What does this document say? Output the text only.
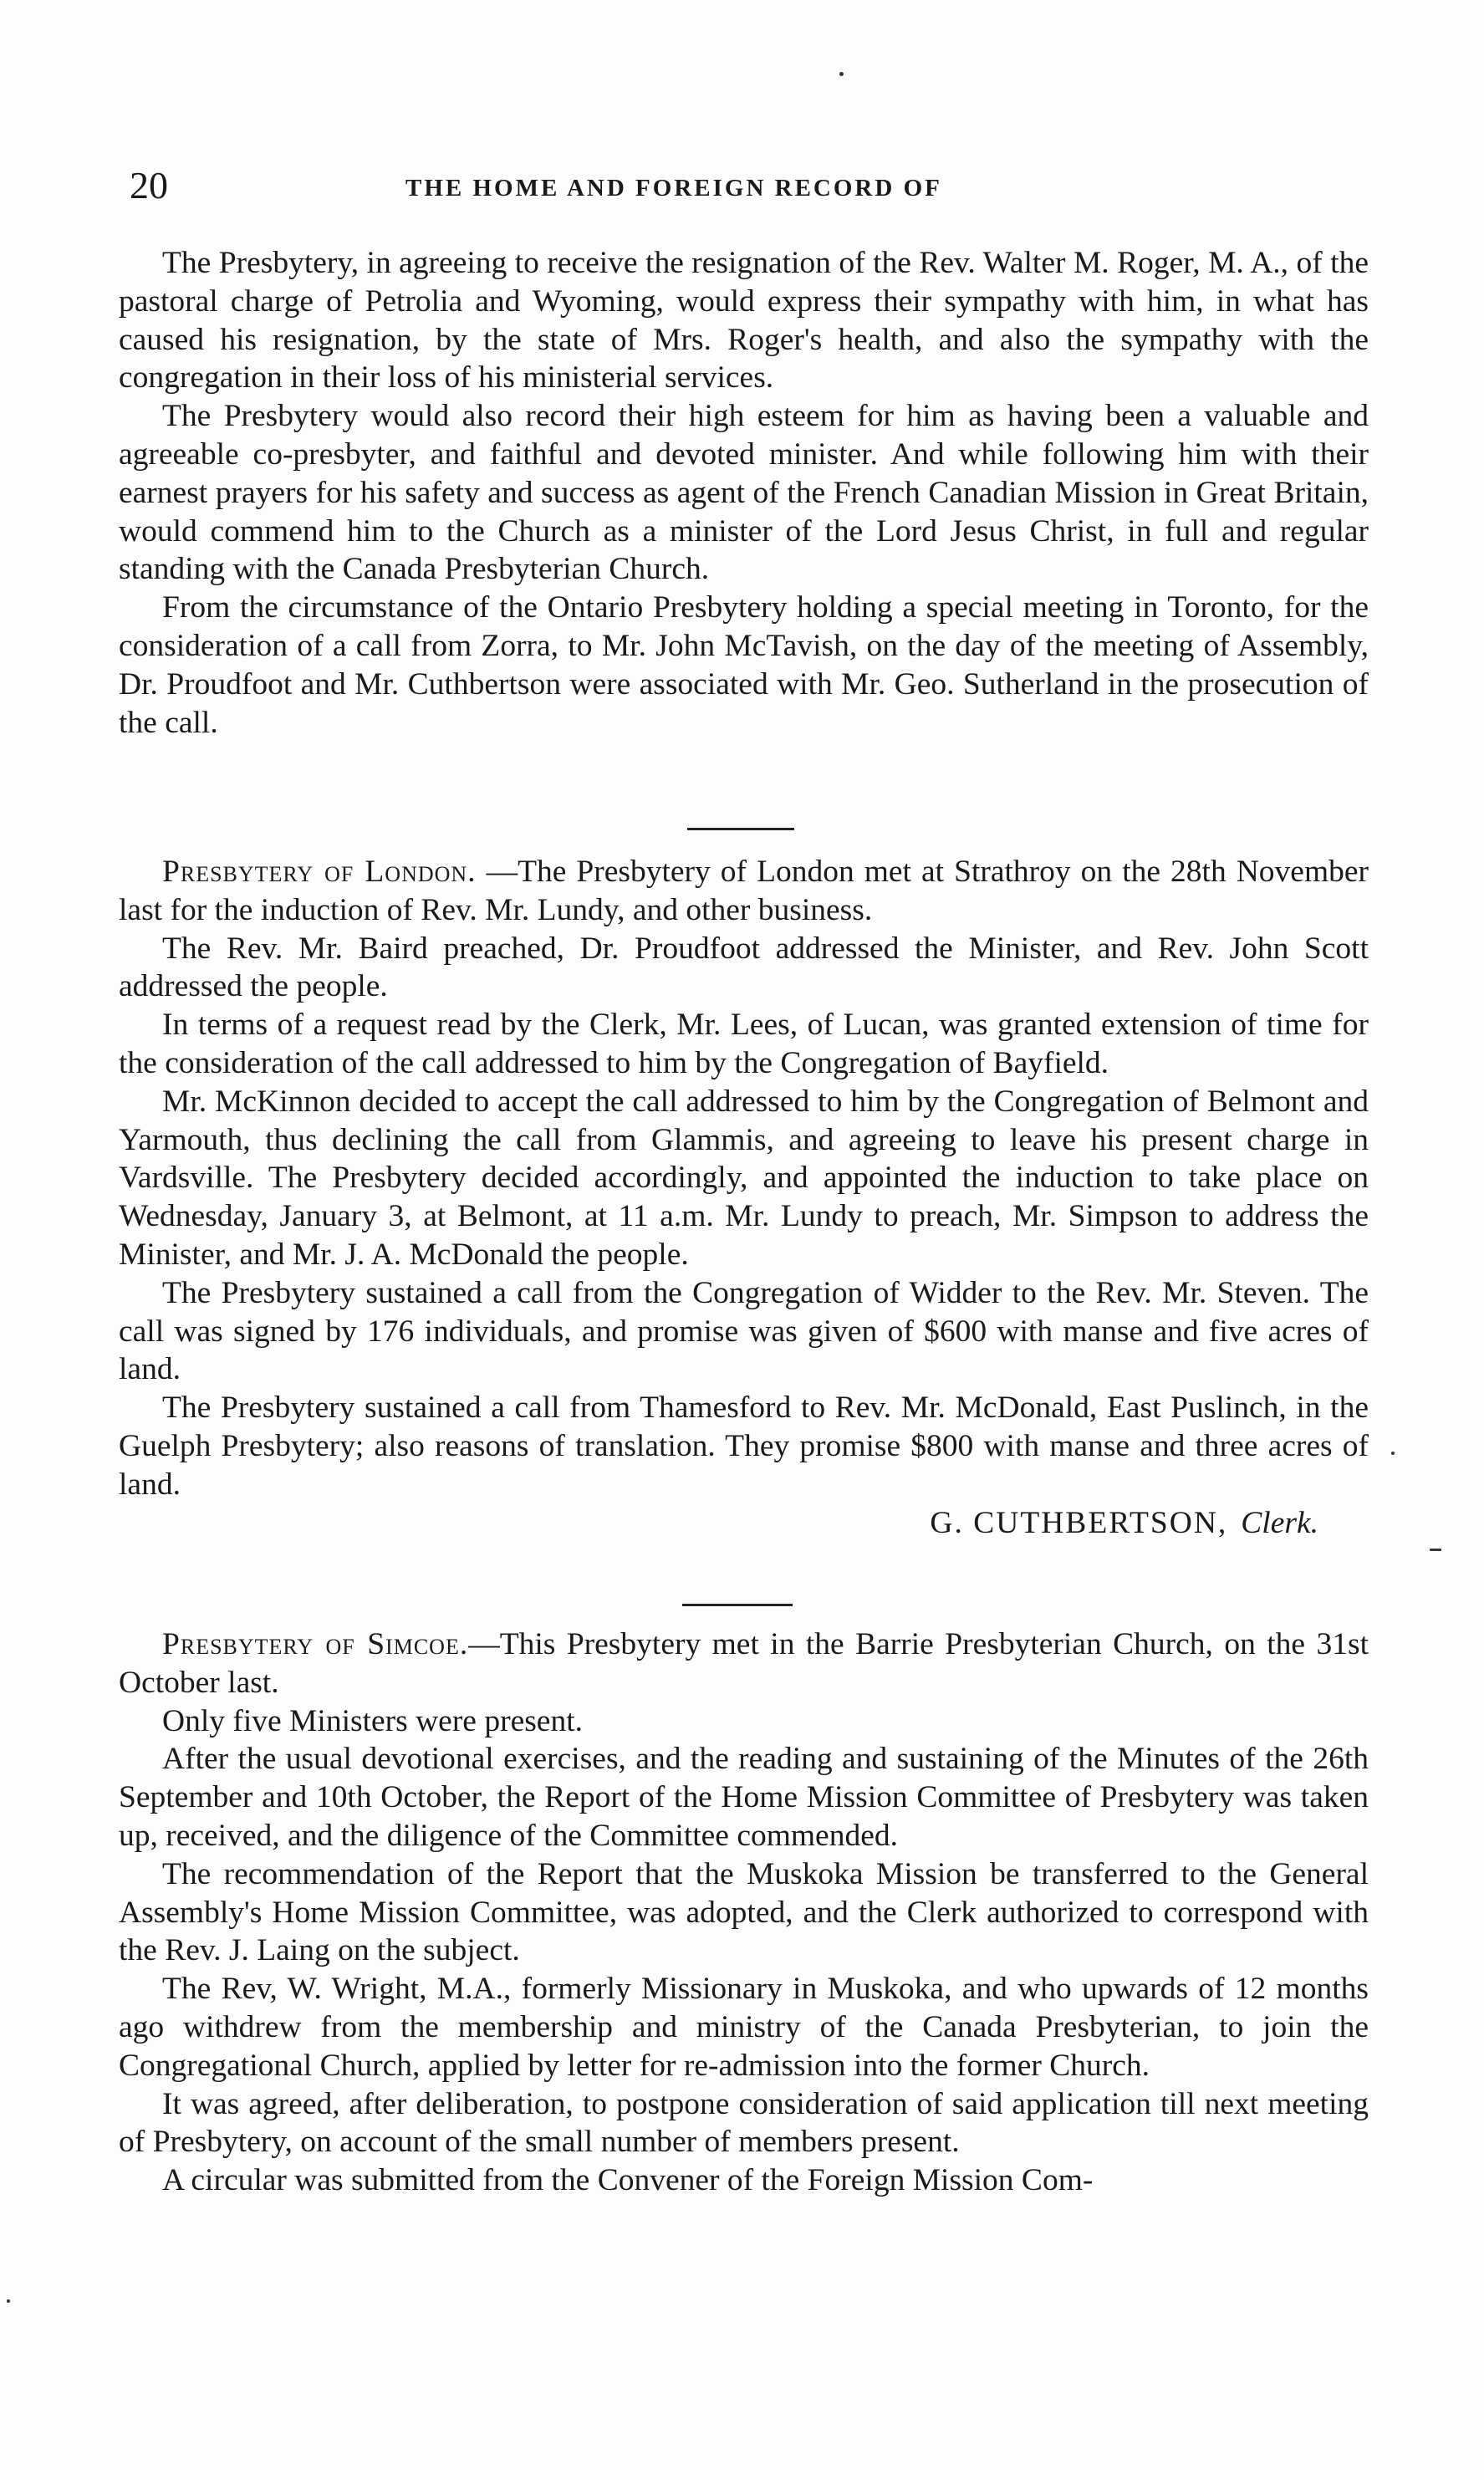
20	THE HOME AND FOREIGN RECORD OF

The Presbytery, in agreeing to receive the resignation of the Rev. Walter M. Roger, M. A., of the pastoral charge of Petrolia and Wyoming, would express their sympathy with him, in what has caused his resignation, by the state of Mrs. Roger's health, and also the sympathy with the congregation in their loss of his ministerial services.

The Presbytery would also record their high esteem for him as having been a valuable and agreeable co-presbyter, and faithful and devoted minister. And while following him with their earnest prayers for his safety and success as agent of the French Canadian Mission in Great Britain, would commend him to the Church as a minister of the Lord Jesus Christ, in full and regular standing with the Canada Presbyterian Church.

From the circumstance of the Ontario Presbytery holding a special meeting in Toronto, for the consideration of a call from Zorra, to Mr. John McTavish, on the day of the meeting of Assembly, Dr. Proudfoot and Mr. Cuthbertson were associated with Mr. Geo. Sutherland in the prosecution of the call.

Presbytery of London. —The Presbytery of London met at Strathroy on the 28th November last for the induction of Rev. Mr. Lundy, and other business.

The Rev. Mr. Baird preached, Dr. Proudfoot addressed the Minister, and Rev. John Scott addressed the people.

In terms of a request read by the Clerk, Mr. Lees, of Lucan, was granted extension of time for the consideration of the call addressed to him by the Congregation of Bayfield.

Mr. McKinnon decided to accept the call addressed to him by the Congregation of Belmont and Yarmouth, thus declining the call from Glammis, and agreeing to leave his present charge in Vardsville. The Presbytery decided accordingly, and appointed the induction to take place on Wednesday, January 3, at Belmont, at 11 a.m. Mr. Lundy to preach, Mr. Simpson to address the Minister, and Mr. J. A. McDonald the people.

The Presbytery sustained a call from the Congregation of Widder to the Rev. Mr. Steven. The call was signed by 176 individuals, and promise was given of $600 with manse and five acres of land.

The Presbytery sustained a call from Thamesford to Rev. Mr. McDonald, East Puslinch, in the Guelph Presbytery; also reasons of translation. They promise $800 with manse and three acres of land.

G. CUTHBERTSON, Clerk.

Presbytery of Simcoe.—This Presbytery met in the Barrie Presbyterian Church, on the 31st October last.

Only five Ministers were present.

After the usual devotional exercises, and the reading and sustaining of the Minutes of the 26th September and 10th October, the Report of the Home Mission Committee of Presbytery was taken up, received, and the diligence of the Committee commended.

The recommendation of the Report that the Muskoka Mission be transferred to the General Assembly's Home Mission Committee, was adopted, and the Clerk authorized to correspond with the Rev. J. Laing on the subject.

The Rev, W. Wright, M.A., formerly Missionary in Muskoka, and who upwards of 12 months ago withdrew from the membership and ministry of the Canada Presbyterian, to join the Congregational Church, applied by letter for re-admission into the former Church.

It was agreed, after deliberation, to postpone consideration of said application till next meeting of Presbytery, on account of the small number of members present.

A circular was submitted from the Convener of the Foreign Mission Com-
